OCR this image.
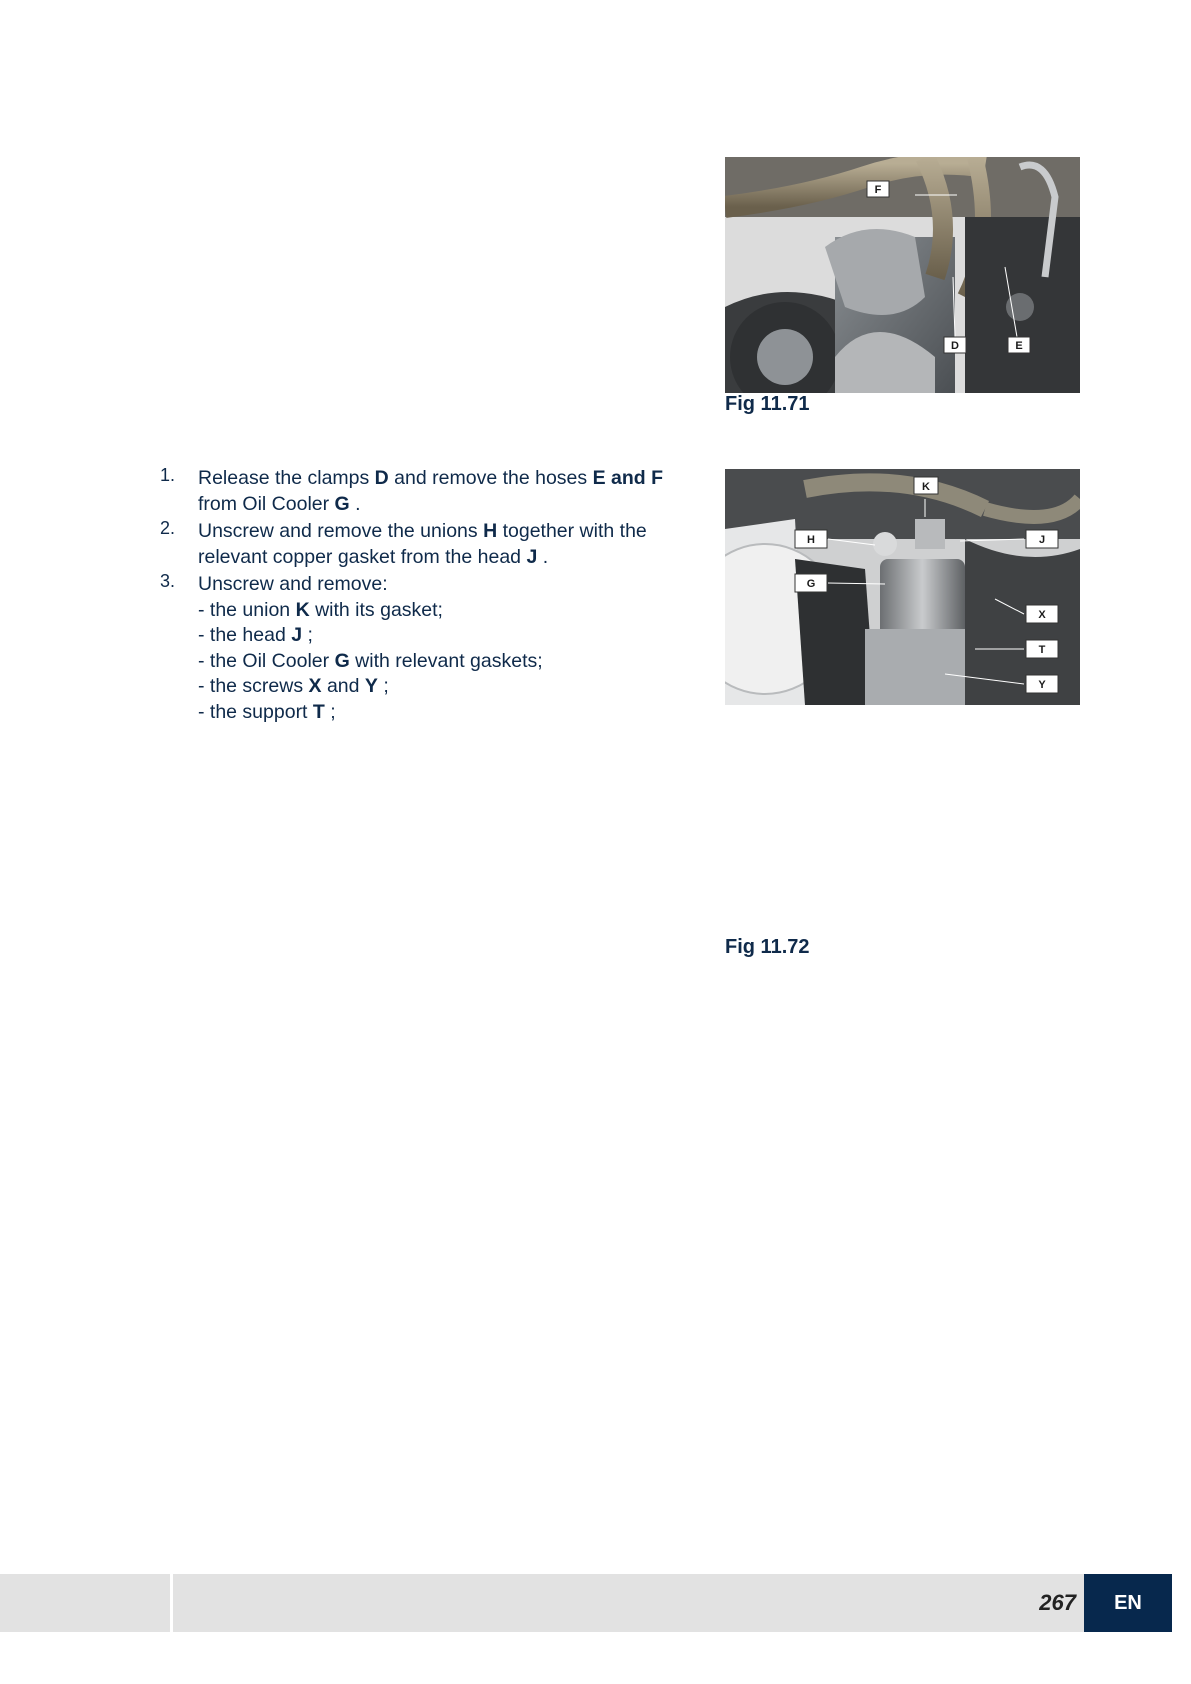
F
D	E
Fig 11.71
K
H	J
G
X
T
Y
Fig 11.72
1. Release the clamps D and remove the hoses E and F
from Oil Cooler G .
2. Unscrew and remove the unions H together with the
relevant copper gasket from the head J .
3. Unscrew and remove:
- the union K with its gasket;
- the head J ;
- the Oil Cooler G with relevant gaskets;
- the screws X and Y ;
- the support T ;
267	EN
